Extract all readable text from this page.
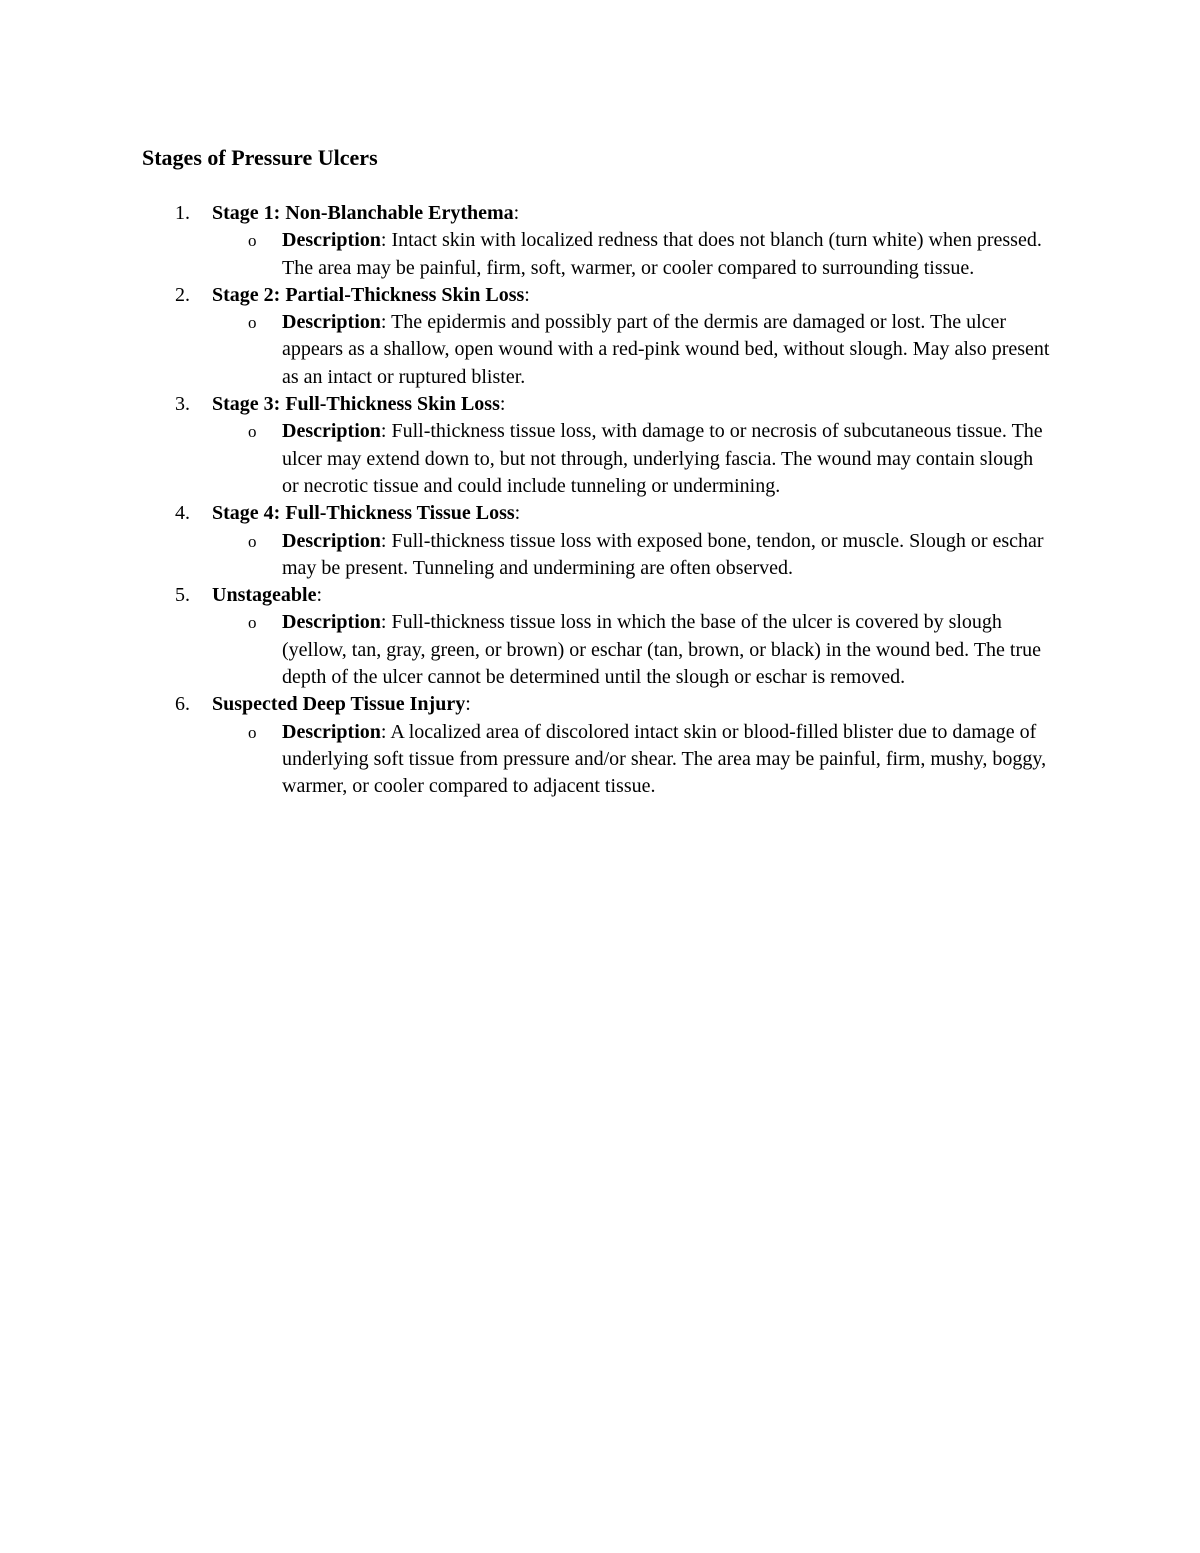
Stages of Pressure Ulcers
1. Stage 1: Non-Blanchable Erythema:
o Description: Intact skin with localized redness that does not blanch (turn white) when pressed. The area may be painful, firm, soft, warmer, or cooler compared to surrounding tissue.
2. Stage 2: Partial-Thickness Skin Loss:
o Description: The epidermis and possibly part of the dermis are damaged or lost. The ulcer appears as a shallow, open wound with a red-pink wound bed, without slough. May also present as an intact or ruptured blister.
3. Stage 3: Full-Thickness Skin Loss:
o Description: Full-thickness tissue loss, with damage to or necrosis of subcutaneous tissue. The ulcer may extend down to, but not through, underlying fascia. The wound may contain slough or necrotic tissue and could include tunneling or undermining.
4. Stage 4: Full-Thickness Tissue Loss:
o Description: Full-thickness tissue loss with exposed bone, tendon, or muscle. Slough or eschar may be present. Tunneling and undermining are often observed.
5. Unstageable:
o Description: Full-thickness tissue loss in which the base of the ulcer is covered by slough (yellow, tan, gray, green, or brown) or eschar (tan, brown, or black) in the wound bed. The true depth of the ulcer cannot be determined until the slough or eschar is removed.
6. Suspected Deep Tissue Injury:
o Description: A localized area of discolored intact skin or blood-filled blister due to damage of underlying soft tissue from pressure and/or shear. The area may be painful, firm, mushy, boggy, warmer, or cooler compared to adjacent tissue.
